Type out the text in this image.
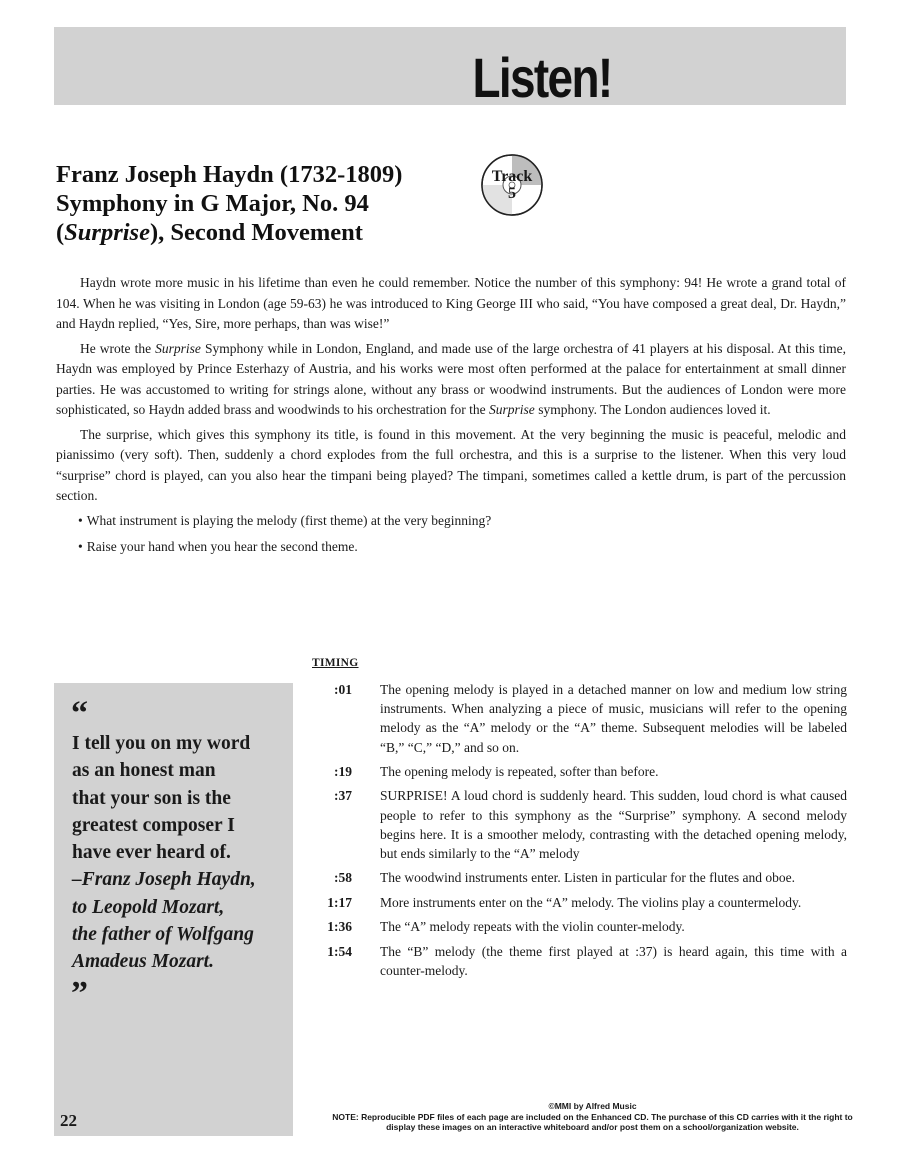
Listen!
Franz Joseph Haydn (1732-1809)
Symphony in G Major, No. 94
(Surprise), Second Movement
Track
5

Haydn wrote more music in his lifetime than even he could remember. Notice the number of this symphony: 94! He wrote a grand total of 104. When he was visiting in London (age 59-63) he was introduced to King George III who said, “You have composed a great deal, Dr. Haydn,” and Haydn replied, “Yes, Sire, more perhaps, than was wise!”

He wrote the Surprise Symphony while in London, England, and made use of the large orchestra of 41 players at his disposal. At this time, Haydn was employed by Prince Esterhazy of Austria, and his works were most often performed at the palace for entertainment at small dinner parties. He was accustomed to writing for strings alone, without any brass or woodwind instruments. But the audiences of London were more sophisticated, so Haydn added brass and woodwinds to his orchestration for the Surprise symphony. The London audiences loved it.

The surprise, which gives this symphony its title, is found in this movement. At the very beginning the music is peaceful, melodic and pianissimo (very soft). Then, suddenly a chord explodes from the full orchestra, and this is a surprise to the listener. When this very loud “surprise” chord is played, can you also hear the timpani being played? The timpani, sometimes called a kettle drum, is part of the percussion section.

• What instrument is playing the melody (first theme) at the very beginning?
• Raise your hand when you hear the second theme.
TIMING
“
I tell you on my word
as an honest man
that your son is the
greatest composer I
have ever heard of.
–Franz Joseph Haydn,
to Leopold Mozart,
the father of Wolfgang
Amadeus Mozart.
”
22
:01 The opening melody is played in a detached manner on low and medium low string instruments. When analyzing a piece of music, musicians will refer to the opening melody as the “A” melody or the “A” theme. Subsequent melodies will be labeled “B,” “C,” “D,” and so on.
:19 The opening melody is repeated, softer than before.
:37 SURPRISE! A loud chord is suddenly heard. This sudden, loud chord is what caused people to refer to this symphony as the “Surprise” symphony. A second melody begins here. It is a smoother melody, contrasting with the detached opening melody, but ends similarly to the “A” melody
:58 The woodwind instruments enter. Listen in particular for the flutes and oboe.
1:17 More instruments enter on the “A” melody. The violins play a countermelody.
1:36 The “A” melody repeats with the violin counter-melody.
1:54 The “B” melody (the theme first played at :37) is heard again, this time with a counter-melody.
©MMI by Alfred Music
NOTE: Reproducible PDF files of each page are included on the Enhanced CD. The purchase of this CD carries with it the right to display these images on an interactive whiteboard and/or post them on a school/organization website.
